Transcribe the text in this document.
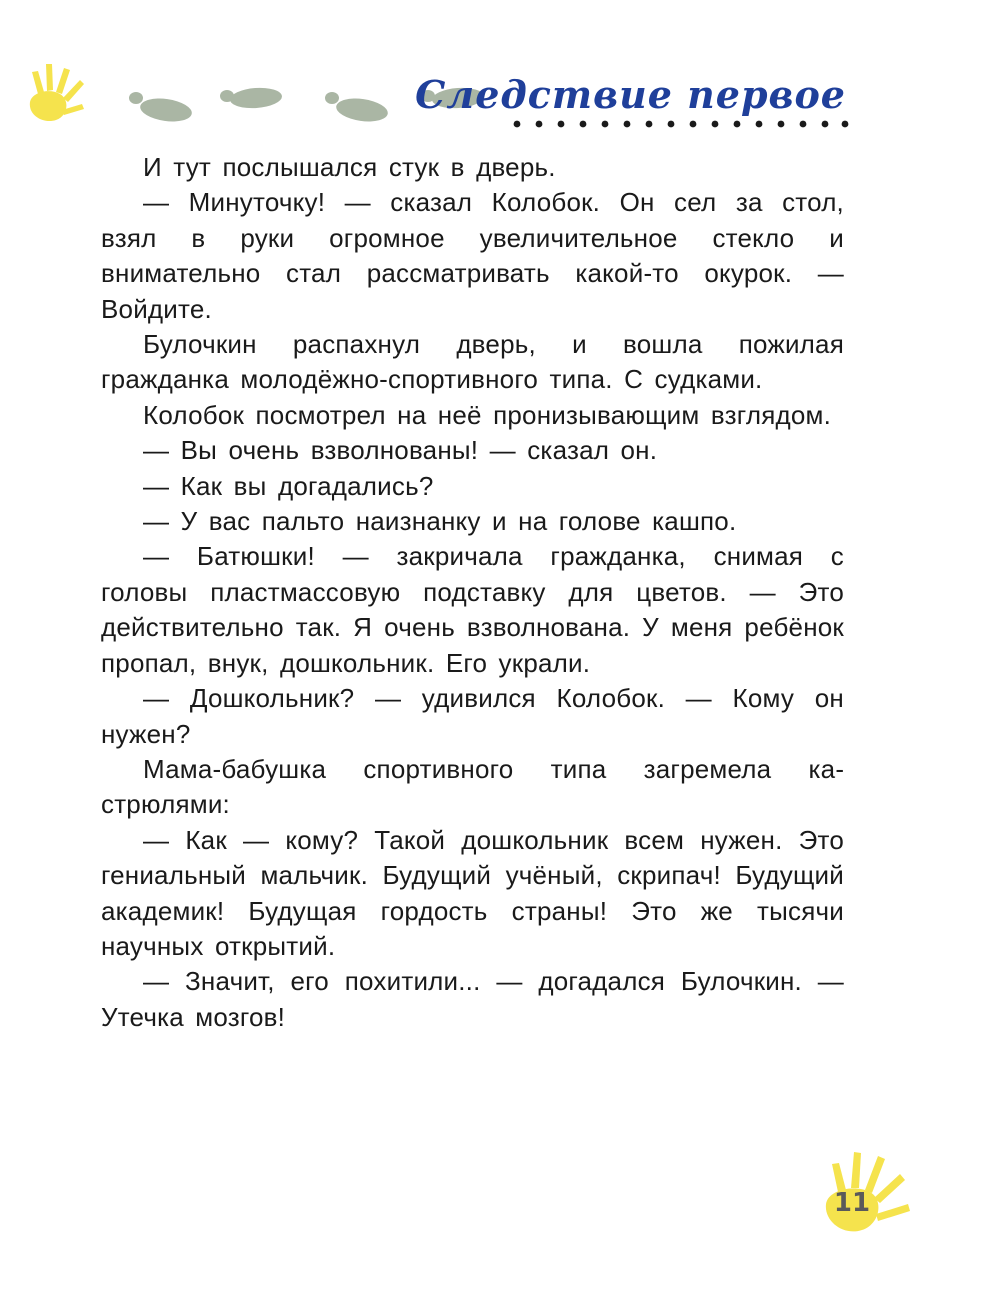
Следствие первое

И тут послышался стук в дверь.

— Минуточку! — сказал Колобок. Он сел за стол, взял в руки огромное увеличительное стекло и внимательно стал рассматривать какой-то окурок. — Войдите.

Булочкин распахнул дверь, и вошла пожилая гражданка молодёжно-спортивного типа. С судками.

Колобок посмотрел на неё пронизывающим взглядом.

— Вы очень взволнованы! — сказал он.

— Как вы догадались?

— У вас пальто наизнанку и на голове кашпо.

— Батюшки! — закричала гражданка, снимая с головы пластмассовую подставку для цветов. — Это действительно так. Я очень взволнована. У меня ребёнок пропал, внук, дошкольник. Его украли.

— Дошкольник? — удивился Колобок. — Кому он нужен?

Мама-бабушка спортивного типа загремела кастрюлями:

— Как — кому? Такой дошкольник всем нужен. Это гениальный мальчик. Будущий учёный, скрипач! Будущий академик! Будущая гордость страны! Это же тысячи научных открытий.

— Значит, его похитили... — догадался Булочкин. — Утечка мозгов!

11
